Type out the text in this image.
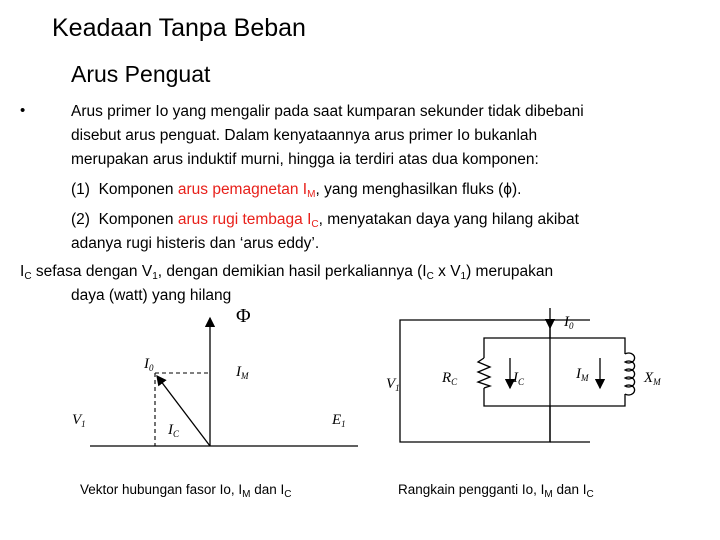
Keadaan Tanpa Beban
Arus Penguat
•	Arus primer Io yang mengalir pada saat kumparan sekunder tidak dibebani
disebut arus penguat. Dalam kenyataannya arus primer Io bukanlah
merupakan arus induktif murni, hingga ia terdiri atas dua komponen:
(1) Komponen arus pemagnetan $I_M$, yang menghasilkan fluks (ϕ).
(2) Komponen arus rugi tembaga $I_C$, menyatakan daya yang hilang akibat
adanya rugi histeris dan ‘arus eddy’.
$I_C$ sefasa dengan $V_1$, dengan demikian hasil perkaliannya ($I_C$ x $V_1$) merupakan
daya (watt) yang hilang
Φ
$I_0$	$I_M$
$V_1$	$I_C$
$E_1$
$I_0$
$V_1$
$R_C$	$I_C$	$I_M$	$X_M$
Vektor hubungan fasor Io, $I_M$ dan $I_C$	Rangkain pengganti Io, $I_M$ dan $I_C$
